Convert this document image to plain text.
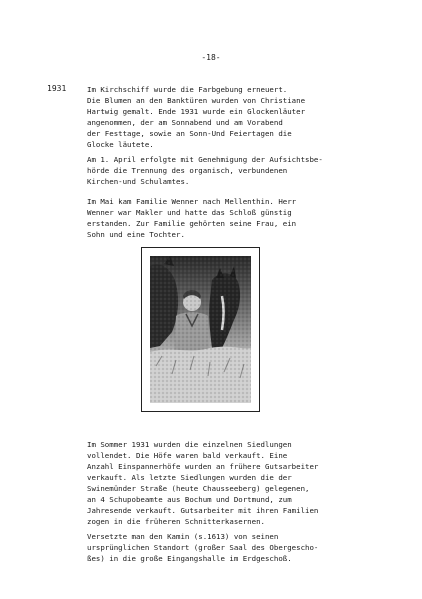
-18-
1931	Im Kirchschiff wurde die Farbgebung erneuert.
Die Blumen an den Banktüren wurden von Christiane
Hartwig gemalt. Ende 1931 wurde ein Glockenläuter
angenommen, der am Sonnabend und am Vorabend
der Festtage, sowie an Sonn-Und Feiertagen die
Glocke läutete.

Am 1. April erfolgte mit Genehmigung der Aufsichtsbe-
hörde die Trennung des organisch, verbundenen
Kirchen-und Schulamtes.

Im Mai kam Familie Wenner nach Mellenthin. Herr
Wenner war Makler und hatte das Schloß günstig
erstanden. Zur Familie gehörten seine Frau, ein
Sohn und eine Tochter.

Im Sommer 1931 wurden die einzelnen Siedlungen
vollendet. Die Höfe waren bald verkauft. Eine
Anzahl Einspannerhöfe wurden an frühere Gutsarbeiter
verkauft. Als letzte Siedlungen wurden die der
Swinemünder Straße (heute Chausseeberg) gelegenen,
an 4 Schupobeamte aus Bochum und Dortmund, zum
Jahresende verkauft. Gutsarbeiter mit ihren Familien
zogen in die früheren Schnitterkasernen.

Versetzte man den Kamin (s.1613) von seinen
ursprünglichen Standort (großer Saal des Obergescho-
ßes) in die große Eingangshalle im Erdgeschoß.
